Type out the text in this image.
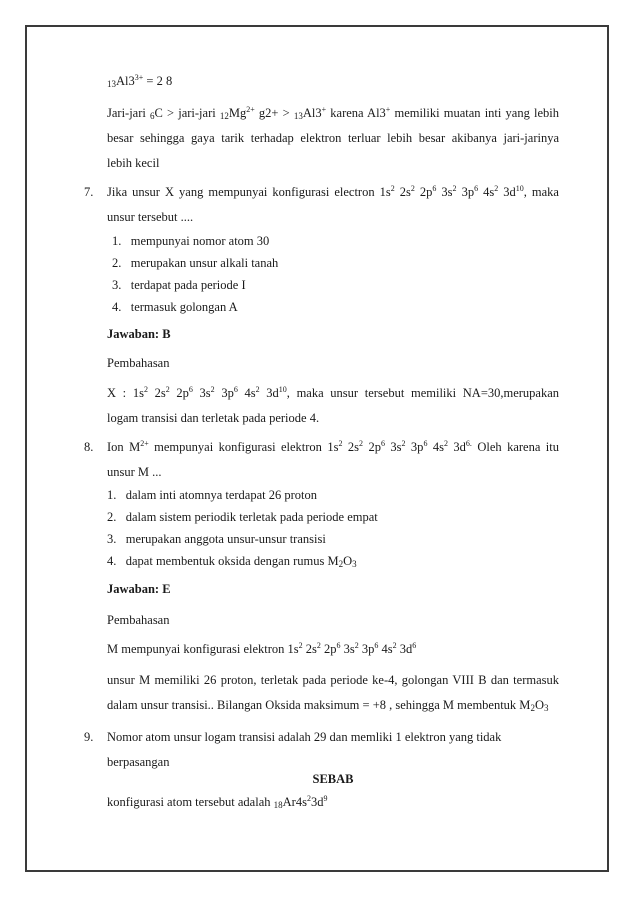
$_{13}Al3^{3+} = 2$ 8
Jari-jari $_6$C > jari-jari $_{12}Mg^{2+}$ g2+ > $_{13}$Al3+ karena Al3+ memiliki muatan inti yang lebih
besar sehingga gaya tarik terhadap elektron terluar lebih besar akibanya jari-jarinya
lebih kecil
7. Jika unsur X yang mempunyai konfigurasi electron $1s^2$ $2s^2$ $2p^6$ $3s^2$ $3p^6$ $4s^2$ $3d^{10}$, maka
unsur tersebut ....
1. mempunyai nomor atom 30
2. merupakan unsur alkali tanah
3. terdapat pada periode I
4. termasuk golongan A
Jawaban: B
Pembahasan
X : $1s^2$ $2s^2$ $2p^6$ $3s^2$ $3p^6$ $4s^2$ $3d^{10}$, maka unsur tersebut memiliki NA=30,merupakan
logam transisi dan terletak pada periode 4.
8. Ion $M^{2+}$ mempunyai konfigurasi elektron $1s^2$ $2s^2$ $2p^6$ $3s^2$ $3p^6$ $4s^2$ $3d^{6.}$ Oleh karena itu
unsur M ...
1. dalam inti atomnya terdapat 26 proton
2. dalam sistem periodik terletak pada periode empat
3. merupakan anggota unsur-unsur transisi
4. dapat membentuk oksida dengan rumus $M_2O_3$
Jawaban: E
Pembahasan
M mempunyai konfigurasi elektron $1s^2$ $2s^2$ $2p^6$ $3s^2$ $3p^6$ $4s^2$ $3d^6$
unsur M memiliki 26 proton, terletak pada periode ke-4, golongan VIII B dan termasuk
dalam unsur transisi.. Bilangan Oksida maksimum = +8 , sehingga M membentuk $M_2O_3$
9. Nomor atom unsur logam transisi adalah 29 dan memliki 1 elektron yang tidak
berpasangan
SEBAB
konfigurasi atom tersebut adalah $_{18}Ar4s^23d^9$
